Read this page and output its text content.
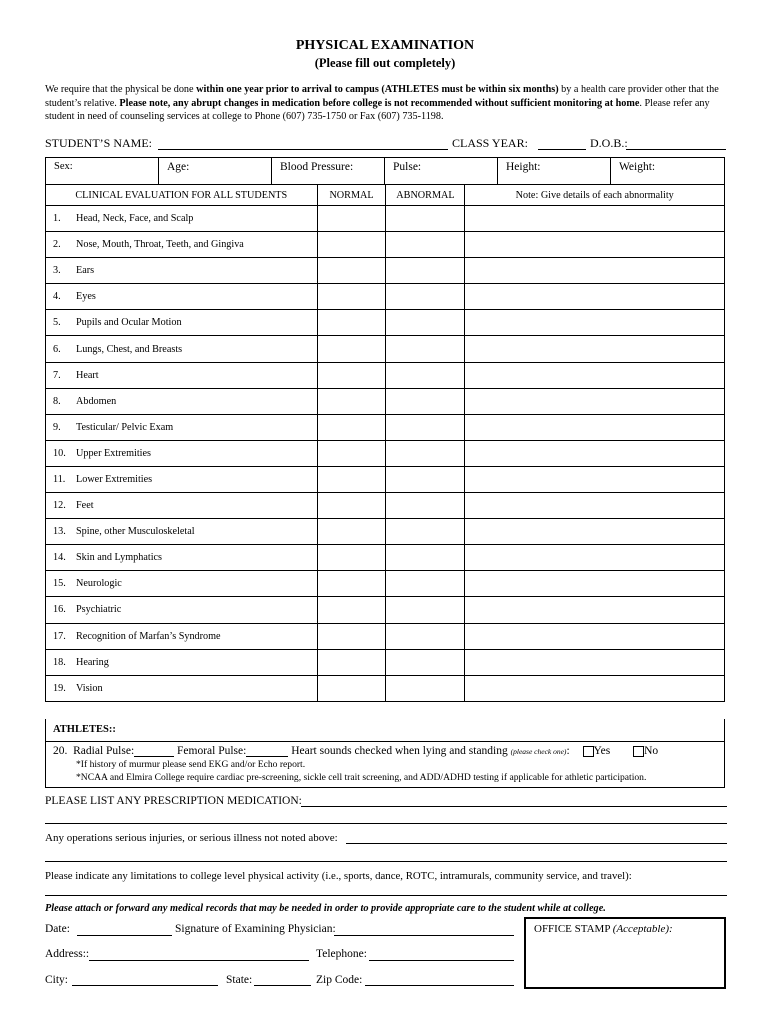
PHYSICAL EXAMINATION
(Please fill out completely)
We require that the physical be done within one year prior to arrival to campus (ATHLETES must be within six months) by a health care provider other that the student’s relative. Please note, any abrupt changes in medication before college is not recommended without sufficient monitoring at home. Please refer any student in need of counseling services at college to Phone (607) 735-1750 or Fax (607) 735-1198.
STUDENT’S NAME:	CLASS YEAR:	D.O.B.:
Sex:	Age:	Blood Pressure:	Pulse:	Height:	Weight:
CLINICAL EVALUATION FOR ALL STUDENTS	NORMAL	ABNORMAL	Note: Give details of each abnormality
1. Head, Neck, Face, and Scalp			
2. Nose, Mouth, Throat, Teeth, and Gingiva			
3. Ears			
4. Eyes			
5. Pupils and Ocular Motion			
6. Lungs, Chest, and Breasts			
7. Heart			
8. Abdomen			
9. Testicular/ Pelvic Exam			
10. Upper Extremities			
11. Lower Extremities			
12. Feet			
13. Spine, other Musculoskeletal			
14. Skin and Lymphatics			
15. Neurologic			
16. Psychiatric			
17. Recognition of Marfan’s Syndrome			
18. Hearing			
19. Vision			
ATHLETES::
20. Radial Pulse:	Femoral Pulse:	Heart sounds checked when lying and standing (please check one): Yes	No
*If history of murmur please send EKG and/or Echo report.
*NCAA and Elmira College require cardiac pre-screening, sickle cell trait screening, and ADD/ADHD testing if applicable for athletic participation.
PLEASE LIST ANY PRESCRIPTION MEDICATION:
Any operations serious injuries, or serious illness not noted above:
Please indicate any limitations to college level physical activity (i.e., sports, dance, ROTC, intramurals, community service, and travel):
Please attach or forward any medical records that may be needed in order to provide appropriate care to the student while at college.
Date:	Signature of Examining Physician:
Address::	Telephone:
City:	State:	Zip Code:
OFFICE STAMP (Acceptable):
